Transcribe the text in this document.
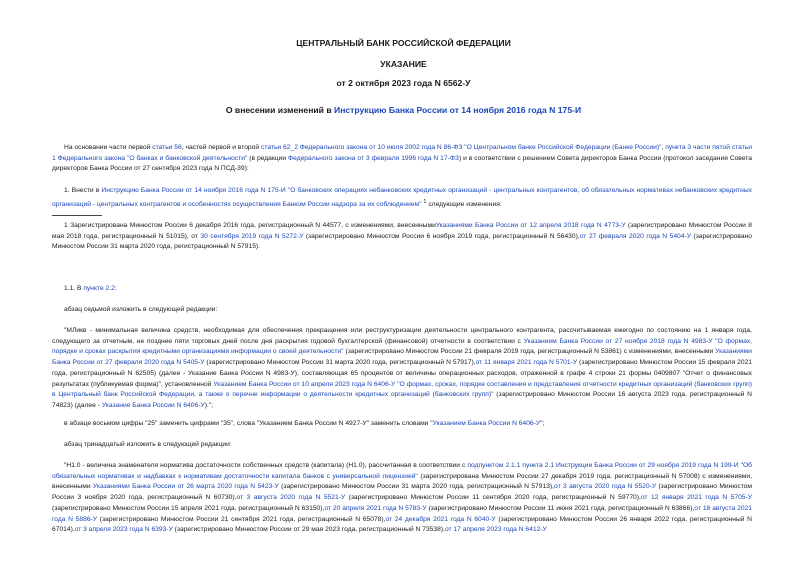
ЦЕНТРАЛЬНЫЙ БАНК РОССИЙСКОЙ ФЕДЕРАЦИИ
УКАЗАНИЕ
от 2 октября 2023 года N 6562-У
О внесении изменений в Инструкцию Банка России от 14 ноября 2016 года N 175-И
На основании части первой статьи 56, частей первой и второй статьи 62_2 Федерального закона от 10 июля 2002 года N 86-ФЗ "О Центральном банке Российской Федерации (Банке России)", пункта 3 части пятой статьи 1 Федерального закона "О банках и банковской деятельности" (в редакции Федерального закона от 3 февраля 1996 года N 17-ФЗ) и в соответствии с решением Совета директоров Банка России (протокол заседания Совета директоров Банка России от 27 сентября 2023 года N ПСД-39):
1. Внести в Инструкцию Банка России от 14 ноября 2016 года N 175-И "О банковских операциях небанковских кредитных организаций - центральных контрагентов, об обязательных нормативах небанковских кредитных организаций - центральных контрагентов и особенностях осуществления Банком России надзора за их соблюдением" $^1$ следующие изменения:
1 Зарегистрирована Минюстом России 6 декабря 2016 года, регистрационный N 44577, с изменениями, внесеннымиУказаниями Банка России от 12 апреля 2018 года N 4773-У (зарегистрировано Минюстом России 8 мая 2018 года, регистрационный N 51015), от 30 сентября 2019 года N 5272-У (зарегистрировано Минюстом России 6 ноября 2019 года, регистрационный N 56430),от 27 февраля 2020 года N 5404-У (зарегистрировано Минюстом России 31 марта 2020 года, регистрационный N 57915).
1.1. В пункте 2.2:
абзац седьмой изложить в следующей редакции:
"МЛикв - минимальная величина средств, необходимая для обеспечения прекращения или реструктуризации деятельности центрального контрагента, рассчитываемая ежегодно по состоянию на 1 января года, следующего за отчетным, не позднее пяти торговых дней после дня раскрытия годовой бухгалтерской (финансовой) отчетности в соответствии с Указанием Банка России от 27 ноября 2018 года N 4983-У "О формах, порядке и сроках раскрытия кредитными организациями информации о своей деятельности" (зарегистрировано Минюстом России 21 февраля 2019 года, регистрационный N 53861) с изменениями, внесенными Указаниями Банка России от 27 февраля 2020 года N 5405-У (зарегистрировано Минюстом России 31 марта 2020 года, регистрационный N 57917),от 11 января 2021 года N 5701-У (зарегистрировано Минюстом России 15 февраля 2021 года, регистрационный N 62505) (далее - Указание Банка России N 4983-У), составляющая 65 процентов от величины операционных расходов, отраженной в графе 4 строки 21 формы 0409807 "Отчет о финансовых результатах (публикуемая форма)", установленной Указанием Банка России от 10 апреля 2023 года N 6406-У "О формах, сроках, порядке составления и представления отчетности кредитных организаций (банковских групп) в Центральный банк Российской Федерации, а также о перечне информации о деятельности кредитных организаций (банковских групп)" (зарегистрировано Минюстом России 16 августа 2023 года, регистрационный N 74823) (далее - Указание Банка России N 6406-У).";
в абзаце восьмом цифры "25" заменить цифрами "35", слова "Указанием Банка России N 4927-У" заменить словами "Указанием Банка России N 6406-У";
абзац тринадцатый изложить в следующей редакции:
"Н1.0 - величина знаменателя норматива достаточности собственных средств (капитала) (Н1.0), рассчитанная в соответствии с подпунктом 2.1.1 пункта 2.1 Инструкции Банка России от 29 ноября 2019 года N 199-И "Об обязательных нормативах и надбавках к нормативам достаточности капитала банков с универсальной лицензией" (зарегистрирована Минюстом России 27 декабря 2019 года, регистрационный N 57008) с изменениями, внесенными Указаниями Банка России от 26 марта 2020 года N 5423-У (зарегистрировано Минюстом России 31 марта 2020 года, регистрационный N 57913),от 3 августа 2020 года N 5520-У (зарегистрировано Минюстом России 3 ноября 2020 года, регистрационный N 60730),от 3 августа 2020 года N 5521-У (зарегистрировано Минюстом России 11 сентября 2020 года, регистрационный N 59770),от 12 января 2021 года N 5705-У (зарегистрировано Минюстом России 15 апреля 2021 года, регистрационный N 63150),от 20 апреля 2021 года N 5783-У (зарегистрировано Минюстом России 11 июня 2021 года, регистрационный N 63866),от 18 августа 2021 года N 5886-У (зарегистрировано Минюстом России 21 сентября 2021 года, регистрационный N 65078),от 24 декабря 2021 года N 6040-У (зарегистрировано Минюстом России 26 января 2022 года, регистрационный N 67014),от 3 апреля 2023 года N 6393-У (зарегистрировано Минюстом России от 29 мая 2023 года, регистрационный N 73538),от 17 апреля 2023 года N 6412-У
